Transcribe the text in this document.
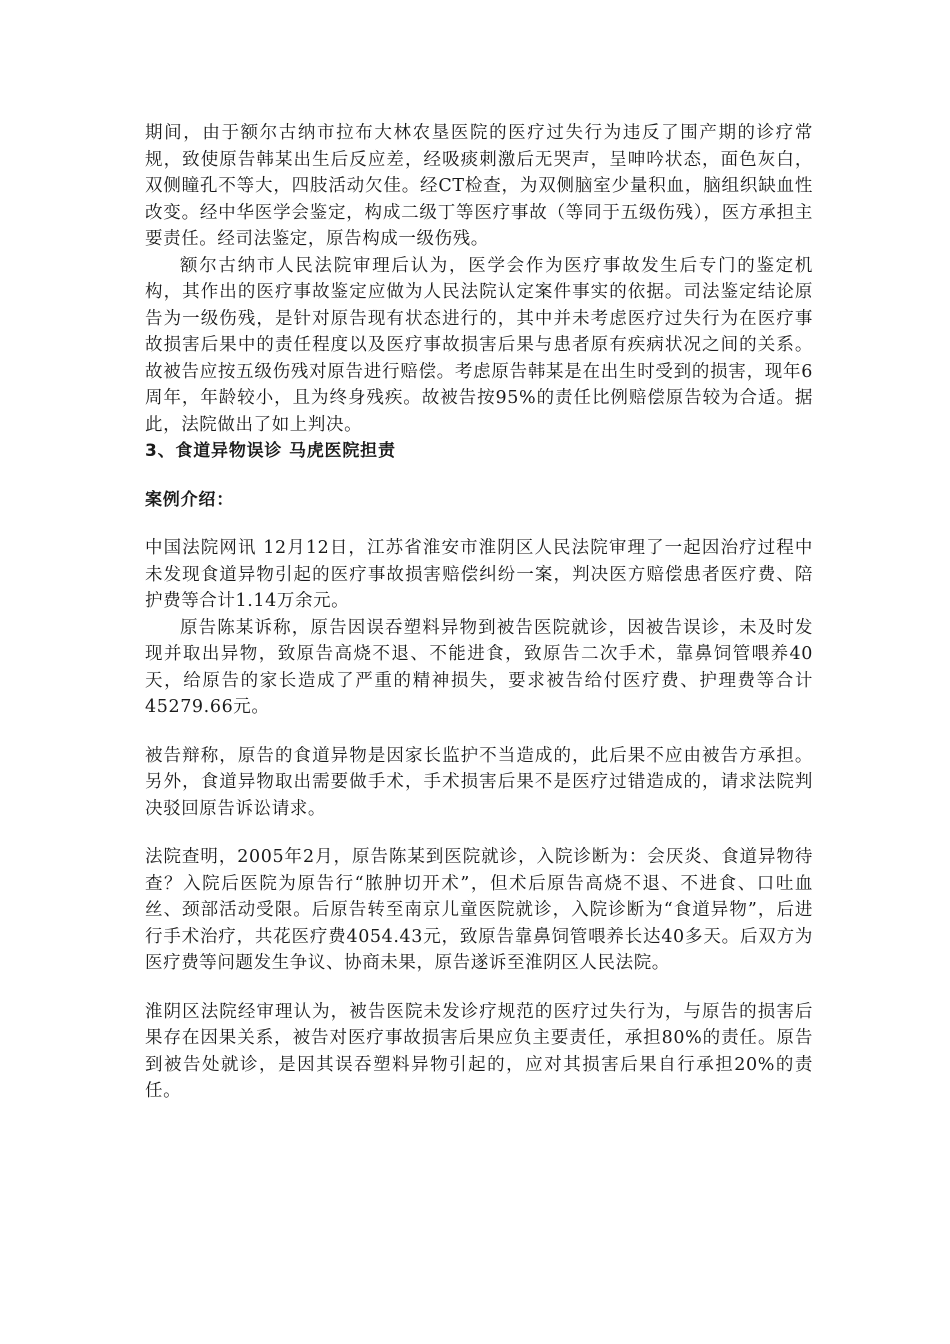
期间，由于额尔古纳市拉布大林农垦医院的医疗过失行为违反了围产期的诊疗常规，致使原告韩某出生后反应差，经吸痰刺激后无哭声，呈呻吟状态，面色灰白，双侧瞳孔不等大，四肢活动欠佳。经CT检查，为双侧脑室少量积血，脑组织缺血性改变。经中华医学会鉴定，构成二级丁等医疗事故（等同于五级伤残），医方承担主要责任。经司法鉴定，原告构成一级伤残。

额尔古纳市人民法院审理后认为，医学会作为医疗事故发生后专门的鉴定机构，其作出的医疗事故鉴定应做为人民法院认定案件事实的依据。司法鉴定结论原告为一级伤残，是针对原告现有状态进行的，其中并未考虑医疗过失行为在医疗事故损害后果中的责任程度以及医疗事故损害后果与患者原有疾病状况之间的关系。故被告应按五级伤残对原告进行赔偿。考虑原告韩某是在出生时受到的损害，现年6周年，年龄较小，且为终身残疾。故被告按95%的责任比例赔偿原告较为合适。据此，法院做出了如上判决。

3、食道异物误诊 马虎医院担责

案例介绍：

中国法院网讯 12月12日，江苏省淮安市淮阴区人民法院审理了一起因治疗过程中未发现食道异物引起的医疗事故损害赔偿纠纷一案，判决医方赔偿患者医疗费、陪护费等合计1.14万余元。

原告陈某诉称，原告因误吞塑料异物到被告医院就诊，因被告误诊，未及时发现并取出异物，致原告高烧不退、不能进食，致原告二次手术，靠鼻饲管喂养40天，给原告的家长造成了严重的精神损失，要求被告给付医疗费、护理费等合计45279.66元。

被告辩称，原告的食道异物是因家长监护不当造成的，此后果不应由被告方承担。另外，食道异物取出需要做手术，手术损害后果不是医疗过错造成的，请求法院判决驳回原告诉讼请求。

法院查明，2005年2月，原告陈某到医院就诊，入院诊断为：会厌炎、食道异物待查？入院后医院为原告行“脓肿切开术”，但术后原告高烧不退、不进食、口吐血丝、颈部活动受限。后原告转至南京儿童医院就诊，入院诊断为“食道异物”，后进行手术治疗，共花医疗费4054.43元，致原告靠鼻饲管喂养长达40多天。后双方为医疗费等问题发生争议、协商未果，原告遂诉至淮阴区人民法院。

淮阴区法院经审理认为，被告医院未发诊疗规范的医疗过失行为，与原告的损害后果存在因果关系，被告对医疗事故损害后果应负主要责任，承担80%的责任。原告到被告处就诊，是因其误吞塑料异物引起的，应对其损害后果自行承担20%的责任。
